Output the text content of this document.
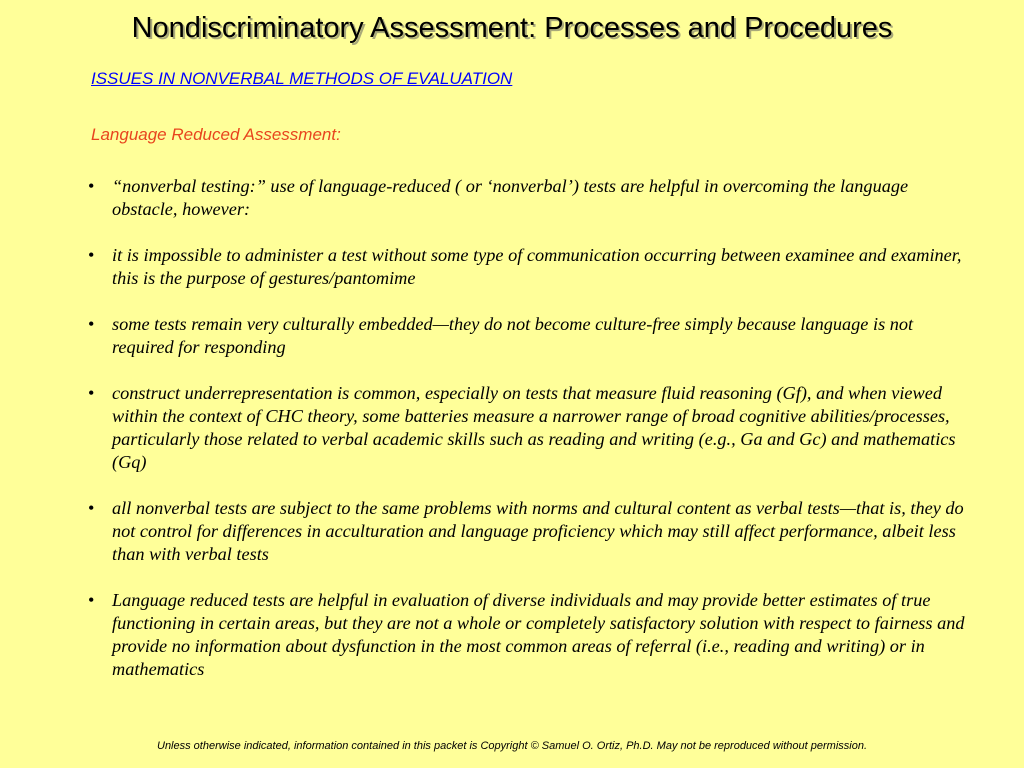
Nondiscriminatory Assessment: Processes and Procedures
ISSUES IN NONVERBAL METHODS OF EVALUATION
Language Reduced Assessment:
• “nonverbal testing:” use of language-reduced ( or ‘nonverbal’) tests are helpful in overcoming the language obstacle, however:
• it is impossible to administer a test without some type of communication occurring between examinee and examiner, this is the purpose of gestures/pantomime
• some tests remain very culturally embedded—they do not become culture-free simply because language is not required for responding
• construct underrepresentation is common, especially on tests that measure fluid reasoning (Gf), and when viewed within the context of CHC theory, some batteries measure a narrower range of broad cognitive abilities/processes, particularly those related to verbal academic skills such as reading and writing (e.g., Ga and Gc) and mathematics (Gq)
• all nonverbal tests are subject to the same problems with norms and cultural content as verbal tests—that is, they do not control for differences in acculturation and language proficiency which may still affect performance, albeit less than with verbal tests
• Language reduced tests are helpful in evaluation of diverse individuals and may provide better estimates of true functioning in certain areas, but they are not a whole or completely satisfactory solution with respect to fairness and provide no information about dysfunction in the most common areas of referral (i.e., reading and writing) or in mathematics
Unless otherwise indicated, information contained in this packet is Copyright © Samuel O. Ortiz, Ph.D. May not be reproduced without permission.
